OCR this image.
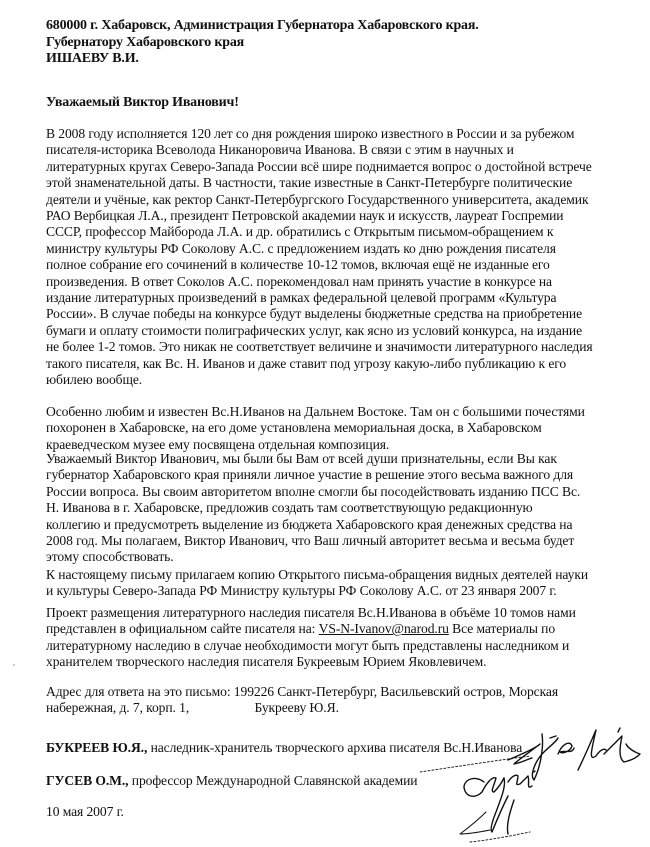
680000 г. Хабаровск, Администрация Губернатора Хабаровского края.
Губернатору Хабаровского края
ИШАЕВУ В.И.
Уважаемый Виктор Иванович!
В 2008 году исполняется 120 лет со дня рождения широко известного в России и за рубежом
писателя-историка Всеволода Никаноровича Иванова. В связи с этим в научных и
литературных кругах Северо-Запада России всё шире поднимается вопрос о достойной встрече
этой знаменательной даты. В частности, такие известные в Санкт-Петербурге политические
деятели и учёные, как ректор Санкт-Петербургского Государственного университета, академик
РАО Вербицкая Л.А., президент Петровской академии наук и искусств, лауреат Госпремии
СССР, профессор Майборода Л.А. и др. обратились с Открытым письмом-обращением к
министру культуры РФ Соколову А.С. с предложением издать ко дню рождения писателя
полное собрание его сочинений в количестве 10-12 томов, включая ещё не изданные его
произведения. В ответ Соколов А.С. порекомендовал нам принять участие в конкурсе на
издание литературных произведений в рамках федеральной целевой программ «Культура
России». В случае победы на конкурсе будут выделены бюджетные средства на приобретение
бумаги и оплату стоимости полиграфических услуг, как ясно из условий конкурса, на издание
не более 1-2 томов. Это никак не соответствует величине и значимости литературного наследия
такого писателя, как Вс. Н. Иванов и даже ставит под угрозу какую-либо публикацию к его
юбилею вообще.
Особенно любим и известен Вс.Н.Иванов на Дальнем Востоке. Там он с большими почестями
похоронен в Хабаровске, на его доме установлена мемориальная доска, в Хабаровском
краеведческом музее ему посвящена отдельная композиция.
Уважаемый Виктор Иванович, мы были бы Вам от всей души признательны, если Вы как
губернатор Хабаровского края приняли личное участие в решение этого весьма важного для
России вопроса. Вы своим авторитетом вполне смогли бы посодействовать изданию ПСС Вс.
Н. Иванова в г. Хабаровске, предложив создать там соответствующую редакционную
коллегию и предусмотреть выделение из бюджета Хабаровского края денежных средства на
2008 год. Мы полагаем, Виктор Иванович, что Ваш личный авторитет весьма и весьма будет
этому способствовать.
К настоящему письму прилагаем копию Открытого письма-обращения видных деятелей науки
и культуры Северо-Запада РФ Министру культуры РФ Соколову А.С. от 23 января 2007 г.
Проект размещения литературного наследия писателя Вс.Н.Иванова в объёме 10 томов нами
представлен в официальном сайте писателя на: VS-N-Ivanov@narod.ru Все материалы по
литературному наследию в случае необходимости могут быть представлены наследником и
хранителем творческого наследия писателя Букреевым Юрием Яковлевичем.
Адрес для ответа на это письмо: 199226 Санкт-Петербург, Васильевский остров, Морская
набережная, д. 7, корп. 1,	Букрееву Ю.Я.
БУКРЕЕВ Ю.Я., наследник-хранитель творческого архива писателя Вс.Н.Иванова
ГУСЕВ О.М., профессор Международной Славянской академии
10 мая 2007 г.
